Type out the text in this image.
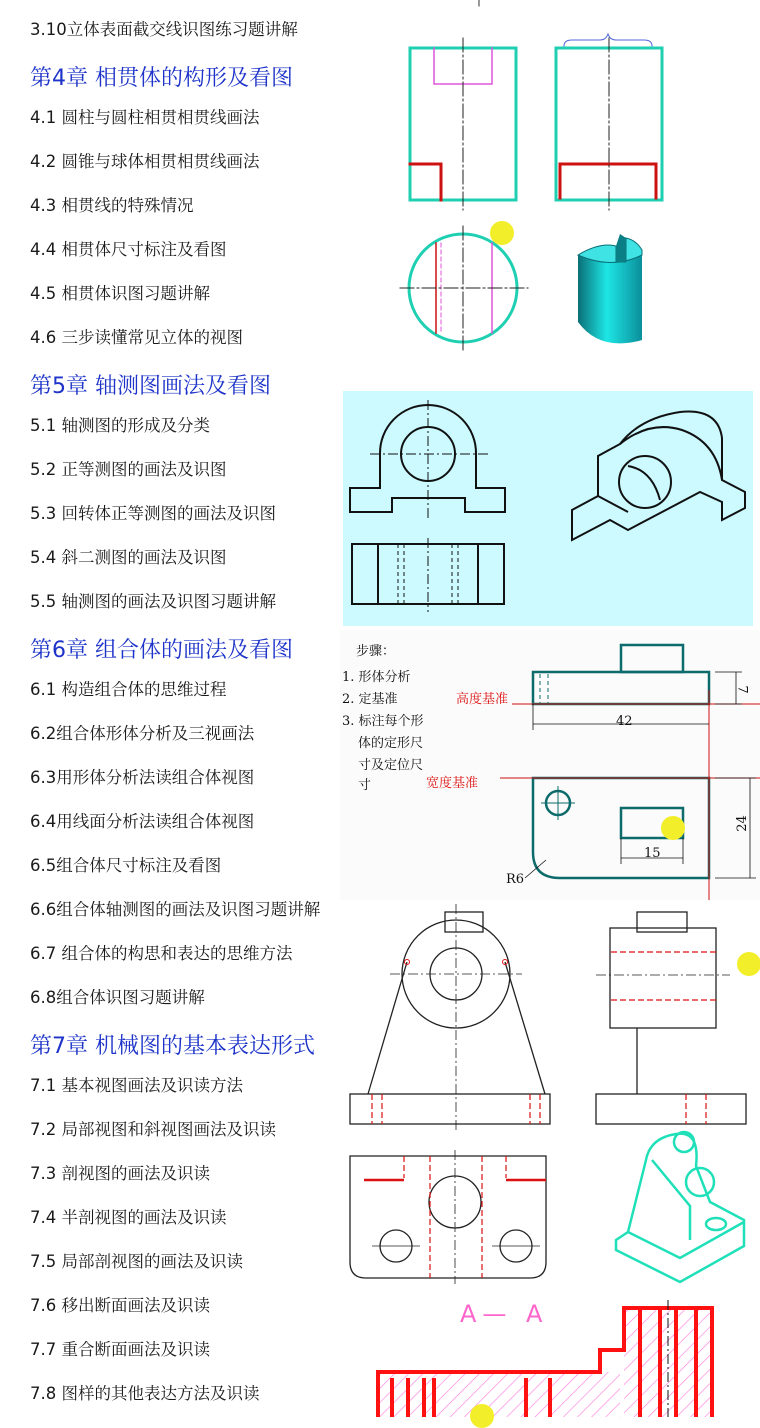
3.10立体表面截交线识图练习题讲解
第4章 相贯体的构形及看图
4.1 圆柱与圆柱相贯相贯线画法
4.2 圆锥与球体相贯相贯线画法
4.3 相贯线的特殊情况
4.4 相贯体尺寸标注及看图
4.5 相贯体识图习题讲解
4.6 三步读懂常见立体的视图
第5章 轴测图画法及看图
5.1 轴测图的形成及分类
5.2 正等测图的画法及识图
5.3 回转体正等测图的画法及识图
5.4 斜二测图的画法及识图
5.5 轴测图的画法及识图习题讲解
第6章 组合体的画法及看图
6.1 构造组合体的思维过程
6.2组合体形体分析及三视画法
6.3用形体分析法读组合体视图
6.4用线面分析法读组合体视图
6.5组合体尺寸标注及看图
6.6组合体轴测图的画法及识图习题讲解
6.7 组合体的构思和表达的思维方法
6.8组合体识图习题讲解
第7章 机械图的基本表达形式
7.1 基本视图画法及识读方法
7.2 局部视图和斜视图画法及识读
7.3 剖视图的画法及识读
7.4 半剖视图的画法及识读
7.5 局部剖视图的画法及识读
7.6 移出断面画法及识读
7.7 重合断面画法及识读
7.8 图样的其他表达方法及识读
步骤：
1. 形体分析
2. 定基准
3. 标注每个形
体的定形尺
寸及定位尺
寸
高度基准
宽度基准
42
7
24
15
R6
A— A
